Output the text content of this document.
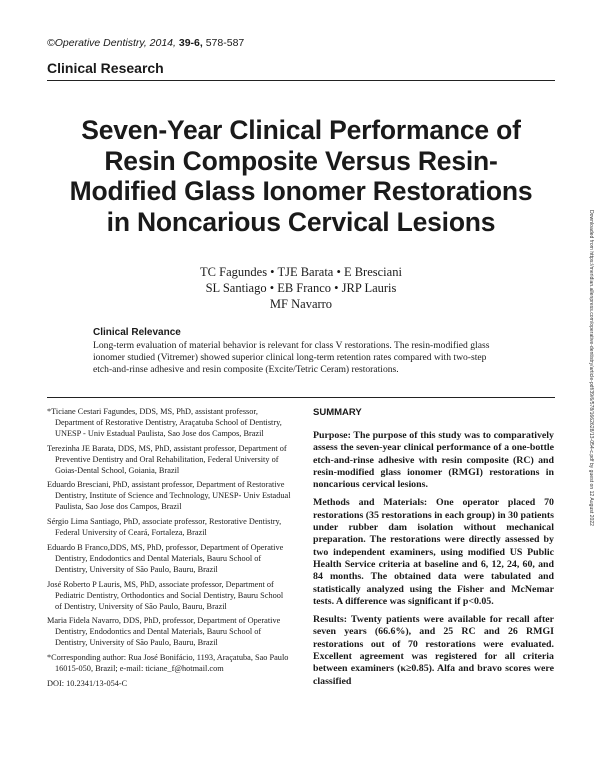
©Operative Dentistry, 2014, 39-6, 578-587
Clinical Research
Seven-Year Clinical Performance of
Resin Composite Versus Resin-
Modified Glass Ionomer Restorations
in Noncarious Cervical Lesions
TC Fagundes • TJE Barata • E Bresciani
SL Santiago • EB Franco • JRP Lauris
MF Navarro
Clinical Relevance

Long-term evaluation of material behavior is relevant for class V restorations. The resin-modified glass ionomer studied (Vitremer) showed superior clinical long-term retention rates compared with two-step etch-and-rinse adhesive and resin composite (Excite/Tetric Ceram) restorations.

*Ticiane Cestari Fagundes, DDS, MS, PhD, assistant professor, Department of Restorative Dentistry, Araçatuba School of Dentistry, UNESP - Univ Estadual Paulista, Sao Jose dos Campos, Brazil

Terezinha JE Barata, DDS, MS, PhD, assistant professor, Department of Preventive Dentistry and Oral Rehabilitation, Federal University of Goias-Dental School, Goiania, Brazil

Eduardo Bresciani, PhD, assistant professor, Department of Restorative Dentistry, Institute of Science and Technology, UNESP- Univ Estadual Paulista, Sao Jose dos Campos, Brazil

Sérgio Lima Santiago, PhD, associate professor, Restorative Dentistry, Federal University of Ceará, Fortaleza, Brazil

Eduardo B Franco,DDS, MS, PhD, professor, Department of Operative Dentistry, Endodontics and Dental Materials, Bauru School of Dentistry, University of São Paulo, Bauru, Brazil

José Roberto P Lauris, MS, PhD, associate professor, Department of Pediatric Dentistry, Orthodontics and Social Dentistry, Bauru School of Dentistry, University of São Paulo, Bauru, Brazil

Maria Fidela Navarro, DDS, PhD, professor, Department of Operative Dentistry, Endodontics and Dental Materials, Bauru School of Dentistry, University of São Paulo, Bauru, Brazil

*Corresponding author: Rua José Bonifácio, 1193, Araçatuba, Sao Paulo 16015-050, Brazil; e-mail: ticiane_f@hotmail.com

DOI: 10.2341/13-054-C
SUMMARY

Purpose: The purpose of this study was to comparatively assess the seven-year clinical performance of a one-bottle etch-and-rinse adhesive with resin composite (RC) and resin-modified glass ionomer (RMGI) restorations in noncarious cervical lesions.

Methods and Materials: One operator placed 70 restorations (35 restorations in each group) in 30 patients under rubber dam isolation without mechanical preparation. The restorations were directly assessed by two independent examiners, using modified US Public Health Service criteria at baseline and 6, 12, 24, 60, and 84 months. The obtained data were tabulated and statistically analyzed using the Fisher and McNemar tests. A difference was significant if p<0.05.

Results: Twenty patients were available for recall after seven years (66.6%), and 25 RC and 26 RMGI restorations out of 70 restorations were evaluated. Excellent agreement was registered for all criteria between examiners (κ≥0.85). Alfa and bravo scores were classified

Downloaded from https://meridian.allenpress.com/operative-dentistry/article-pdf/39/6/578/1662628/13-054-c.pdf by guest on 12 August 2022
